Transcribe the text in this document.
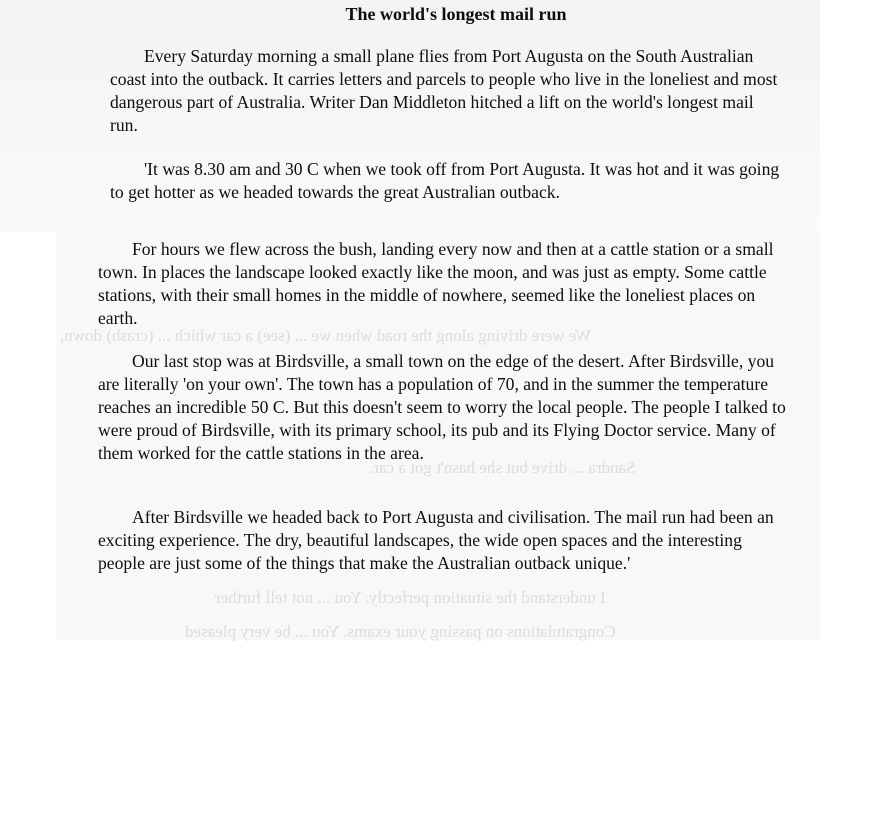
We were driving along the road when we ... (see) a car which ... (crash) down,
Sandra ... drive but she hasn't got a car.
I understand the situation perfectly. You ... not tell further
Congratulations on passing your exams. You ... be very pleased
The world's longest mail run

Every Saturday morning a small plane flies from Port Augusta on the South Australian coast into the outback. It carries letters and parcels to people who live in the loneliest and most dangerous part of Australia. Writer Dan Middleton hitched a lift on the world's longest mail run.

'It was 8.30 am and 30 C when we took off from Port Augusta. It was hot and it was going to get hotter as we headed towards the great Australian outback.

For hours we flew across the bush, landing every now and then at a cattle station or a small town. In places the landscape looked exactly like the moon, and was just as empty. Some cattle stations, with their small homes in the middle of nowhere, seemed like the loneliest places on earth.

Our last stop was at Birdsville, a small town on the edge of the desert. After Birdsville, you are literally 'on your own'. The town has a population of 70, and in the summer the temperature reaches an incredible 50 C. But this doesn't seem to worry the local people. The people I talked to were proud of Birdsville, with its primary school, its pub and its Flying Doctor service. Many of them worked for the cattle stations in the area.

After Birdsville we headed back to Port Augusta and civilisation. The mail run had been an exciting experience. The dry, beautiful landscapes, the wide open spaces and the interesting people are just some of the things that make the Australian outback unique.'
